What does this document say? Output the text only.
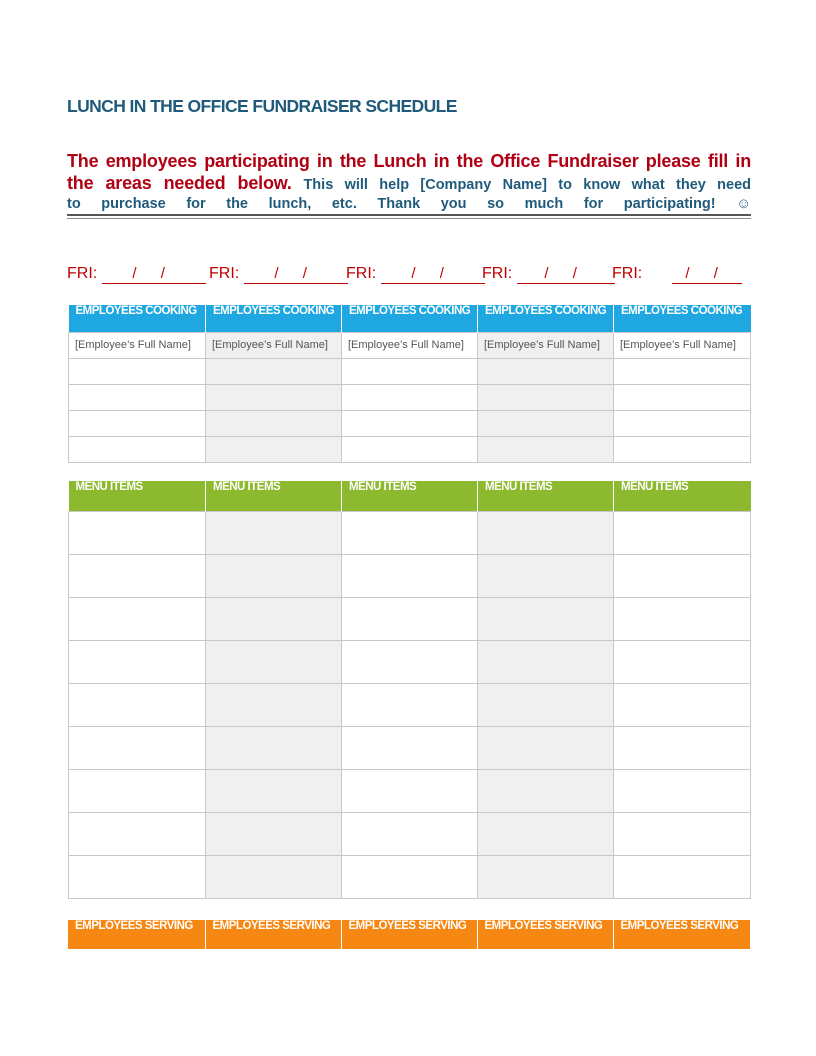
LUNCH IN THE OFFICE FUNDRAISER SCHEDULE
The employees participating in the Lunch in the Office Fundraiser please fill in
the areas needed below. This will help [Company Name] to know what they need
to purchase for the lunch, etc. Thank you so much for participating! ☺
FRI: / /	FRI: / /	FRI: / /	FRI: / /	FRI:	/ /
EMPLOYEES COOKING	EMPLOYEES COOKING	EMPLOYEES COOKING	EMPLOYEES COOKING	EMPLOYEES COOKING
[Employee’s Full Name]	[Employee’s Full Name]	[Employee’s Full Name]	[Employee’s Full Name]	[Employee’s Full Name]

MENU ITEMS	MENU ITEMS	MENU ITEMS	MENU ITEMS	MENU ITEMS

EMPLOYEES SERVING	EMPLOYEES SERVING	EMPLOYEES SERVING	EMPLOYEES SERVING	EMPLOYEES SERVING
